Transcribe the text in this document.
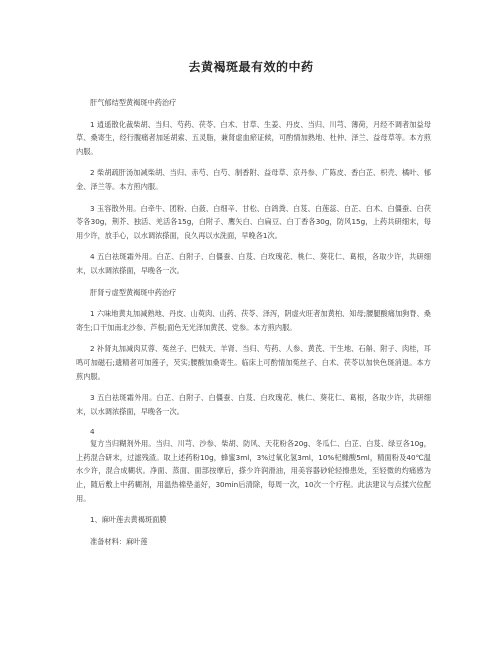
去黄褐斑最有效的中药

肝气郁结型黄褐斑中药治疗

1 逍遥散化裁柴胡、当归、芍药、茯苓、白术、甘草、生姜、丹皮、当归、川芎、薄荷，月经不调者加益母草、桑寄生，经行腹痛者加延胡索、五灵脂，兼肾虚血瘀证候，可酌情加熟地、杜仲、泽兰、益母草等。本方煎内服。

2 柴胡疏肝汤加减柴胡、当归、赤芍、白芍、制香附、益母草、京丹参、广陈皮、香白芷、枳壳、橘叶、郁金、泽兰等。本方煎内服。

3 玉容散外用。白牵牛、团粉、白蔹、白细辛、甘松、白鸽粪、白芨、白莲蕊、白芷、白术、白僵蚕、白茯苓各30g，荆芥、独活、羌活各15g，白附子、鹰矢白、白扁豆、白丁香各30g，防风15g，上药共研细末，每用少许，放手心，以水调浓搽面，良久再以水洗面，早晚各1次。

4 五白祛斑霜外用。白芷、白附子、白僵蚕、白芨、白玫瑰花、桃仁、葵花仁、葛根，各取少许，共研细末，以水调浓搽面，早晚各一次。

肝肾亏虚型黄褐斑中药治疗

1 六味地黄丸加减熟地、丹皮、山萸肉、山药、茯苓、泽泻，阴虚火旺者加黄柏、知母;腰腿酸痛加狗脊、桑寄生;口干加南北沙参、芦根;面色无光泽加黄芪、党参。本方煎内服。

2 补肾丸加减肉苁蓉、菟丝子、巴戟天、羊肾、当归、芍药、人参、黄芪、干生地、石斛、附子、肉桂，耳鸣可加磁石;遗精者可加莲子，芡实;腰酸加桑寄生。临床上可酌情加菟丝子、白术、茯苓以加快色斑消退。本方煎内服。

3 五白祛斑霜外用。白芷、白附子、白僵蚕、白芨、白玫瑰花、桃仁、葵花仁、葛根，各取少许，共研细末，以水调浓搽面，早晚各一次。

4

复方当归糊剂外用。当归、川芎、沙参、柴胡、防风、天花粉各20g、冬瓜仁、白芷、白芨、绿豆各10g，上药混合研末，过滤残渣。取上述药粉10g，蜂蜜3ml，3%过氧化氢3ml，10%杞橼酸5ml，精面粉及40℃温水少许，混合成糊状。净面、蒸面、面部按摩后，搽少许润滑油，用美容器砂轮轻擦患处，至轻微的灼痛感为止，随后敷上中药糊剂，用温热棉垫盖好，30min后清除，每周一次，10次一个疗程。此法建议与点揉穴位配用。

1、麻叶莲去黄褐斑面膜

准备材料：麻叶莲
